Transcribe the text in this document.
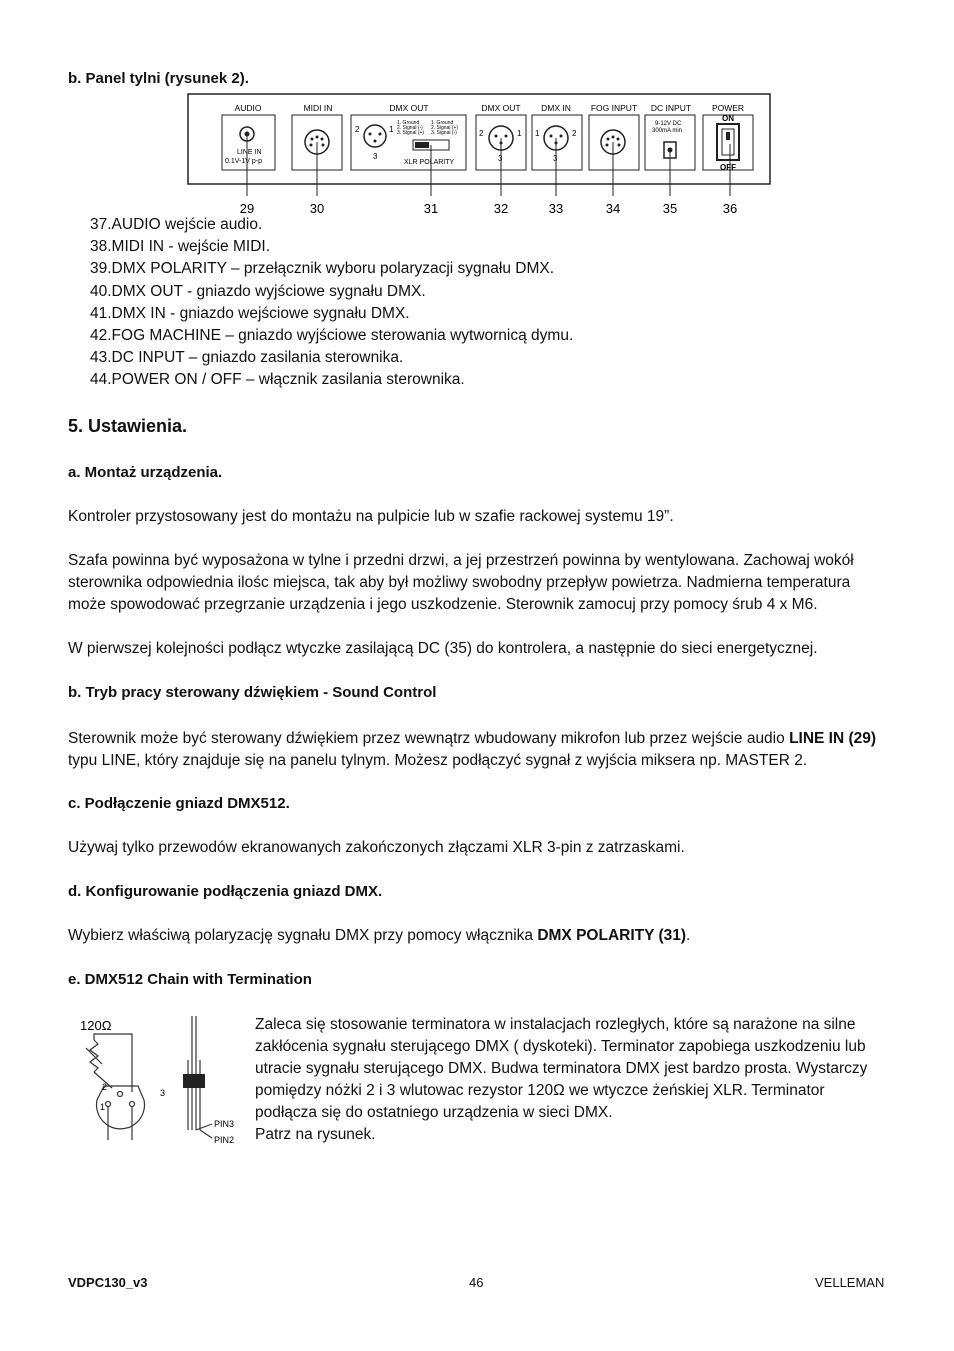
b. Panel tylni (rysunek 2).
AUDIO	MIDI IN	DMX OUT	DMX OUT DMX IN FOG INPUT DC INPUT POWER
LINE IN
0.1V-1V p-p
2	1
3
1. Ground
2. Signal (-)
3. Signal (+)
1. Ground
2. Signal (+)
3. Signal (-)
XLR POLARITY
2	1
3
1	2
3
9-12V DC
300mA min
ON
OFF
29	30	31	32	33	34	35	36
37.AUDIO wejście audio.
38.MIDI IN - wejście MIDI.
39.DMX POLARITY – przełącznik wyboru polaryzacji sygnału DMX.
40.DMX OUT - gniazdo wyjściowe sygnału DMX.
41.DMX IN - gniazdo wejściowe sygnału DMX.
42.FOG MACHINE – gniazdo wyjściowe sterowania wytwornicą dymu.
43.DC INPUT – gniazdo zasilania sterownika.
44.POWER ON / OFF – włącznik zasilania sterownika.
5. Ustawienia.
a. Montaż urządzenia.
Kontroler przystosowany jest do montażu na pulpicie lub w szafie rackowej systemu 19”.
Szafa powinna być wyposażona w tylne i przedni drzwi, a jej przestrzeń powinna by wentylowana. Zachowaj wokół sterownika odpowiednia ilośc miejsca, tak aby był możliwy swobodny przepływ powietrza. Nadmierna temperatura może spowodować przegrzanie urządzenia i jego uszkodzenie. Sterownik zamocuj przy pomocy śrub 4 x M6.
W pierwszej kolejności podłącz wtyczke zasilającą DC (35) do kontrolera, a następnie do sieci energetycznej.
b. Tryb pracy sterowany dźwiękiem - Sound Control
Sterownik może być sterowany dźwiękiem przez wewnątrz wbudowany mikrofon lub przez wejście audio LINE IN (29) typu LINE, który znajduje się na panelu tylnym. Możesz podłączyć sygnał z wyjścia miksera np. MASTER 2.
c. Podłączenie gniazd DMX512.
Używaj tylko przewodów ekranowanych zakończonych złączami XLR 3-pin z zatrzaskami.
d. Konfigurowanie podłączenia gniazd DMX.
Wybierz właściwą polaryzację sygnału DMX przy pomocy włącznika DMX POLARITY (31).
e. DMX512 Chain with Termination
120Ω
2
1
3
PIN3
PIN2
Zaleca się stosowanie terminatora w instalacjach rozległych, które są narażone na silne zakłócenia sygnału sterującego DMX ( dyskoteki). Terminator zapobiega uszkodzeniu lub utracie sygnału sterującego DMX. Budwa terminatora DMX jest bardzo prosta. Wystarczy pomiędzy nóżki 2 i 3 wlutowac rezystor 120Ω we wtyczce żeńskiej XLR. Terminator podłącza się do ostatniego urządzenia w sieci DMX.
Patrz na rysunek.
VDPC130_v3	46	VELLEMAN
